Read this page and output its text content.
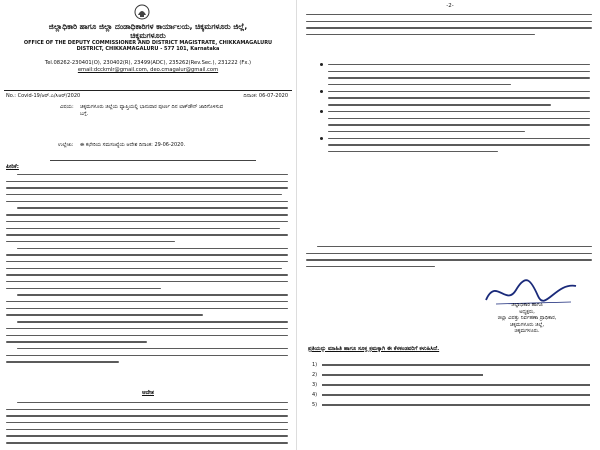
ಜಿಲ್ಲಾಧಿಕಾರಿ ಹಾಗೂ ಜಿಲ್ಲಾ ದಂಡಾಧಿಕಾರಿಗಳ ಕಾರ್ಯಾಲಯ, ಚಿಕ್ಕಮಗಳೂರು ಜಿಲ್ಲೆ,
ಚಿಕ್ಕಮಗಳೂರು
OFFICE OF THE DEPUTY COMMISSIONER AND DISTRICT MAGISTRATE, CHIKKAMAGALURU
DISTRICT, CHIKKAMAGALURU - 577 101, Karnataka
Tel.08262-230401(O), 230402(R), 23499(ADC), 235262(Rev.Sec.), 231222 (Fx.)
email:dcckmlr@gmail.com, deo.cmagalur@gmail.com
No.: Covid-19/ಆರ್.ಎ/ಸಿಆರ್/2020	ದಿನಾಂಕ: 06-07-2020
ವಿಷಯ: ಚಿಕ್ಕಮಗಳೂರು ಜಿಲ್ಲೆಯ ವ್ಯಾಪ್ತಿಯಲ್ಲಿ ಭಾನುವಾರ ಪೂರ್ಣ ದಿನ ಲಾಕ್‌ಡೌನ್ ಜಾರಿಗೊಳಿಸುವ ಬಗ್ಗೆ.
ಉಲ್ಲೇಖ: ಈ ಕಛೇರಿಯ ಸಮಸಂಖ್ಯೆಯ ಆದೇಶ ದಿನಾಂಕ: 29-06-2020.
ಪೀಠಿಕೆ:
ಆದೇಶ
-2-
ಜಿಲ್ಲಾಧಿಕಾರಿ ಹಾಗೂ
ಅಧ್ಯಕ್ಷರು,
ಜಿಲ್ಲಾ ವಿಪತ್ತು ನಿರ್ವಹಣಾ ಪ್ರಾಧಿಕಾರ,
ಚಿಕ್ಕಮಗಳೂರು ಜಿಲ್ಲೆ,
ಚಿಕ್ಕಮಗಳೂರು.
ಪ್ರತಿಯನ್ನು ಮಾಹಿತಿ ಹಾಗೂ ಸೂಕ್ತ ಕ್ರಮಕ್ಕಾಗಿ ಈ ಕೆಳಕಂಡವರಿಗೆ ಕಳುಹಿಸಿದೆ.
1)
2)
3)
4)
5)
